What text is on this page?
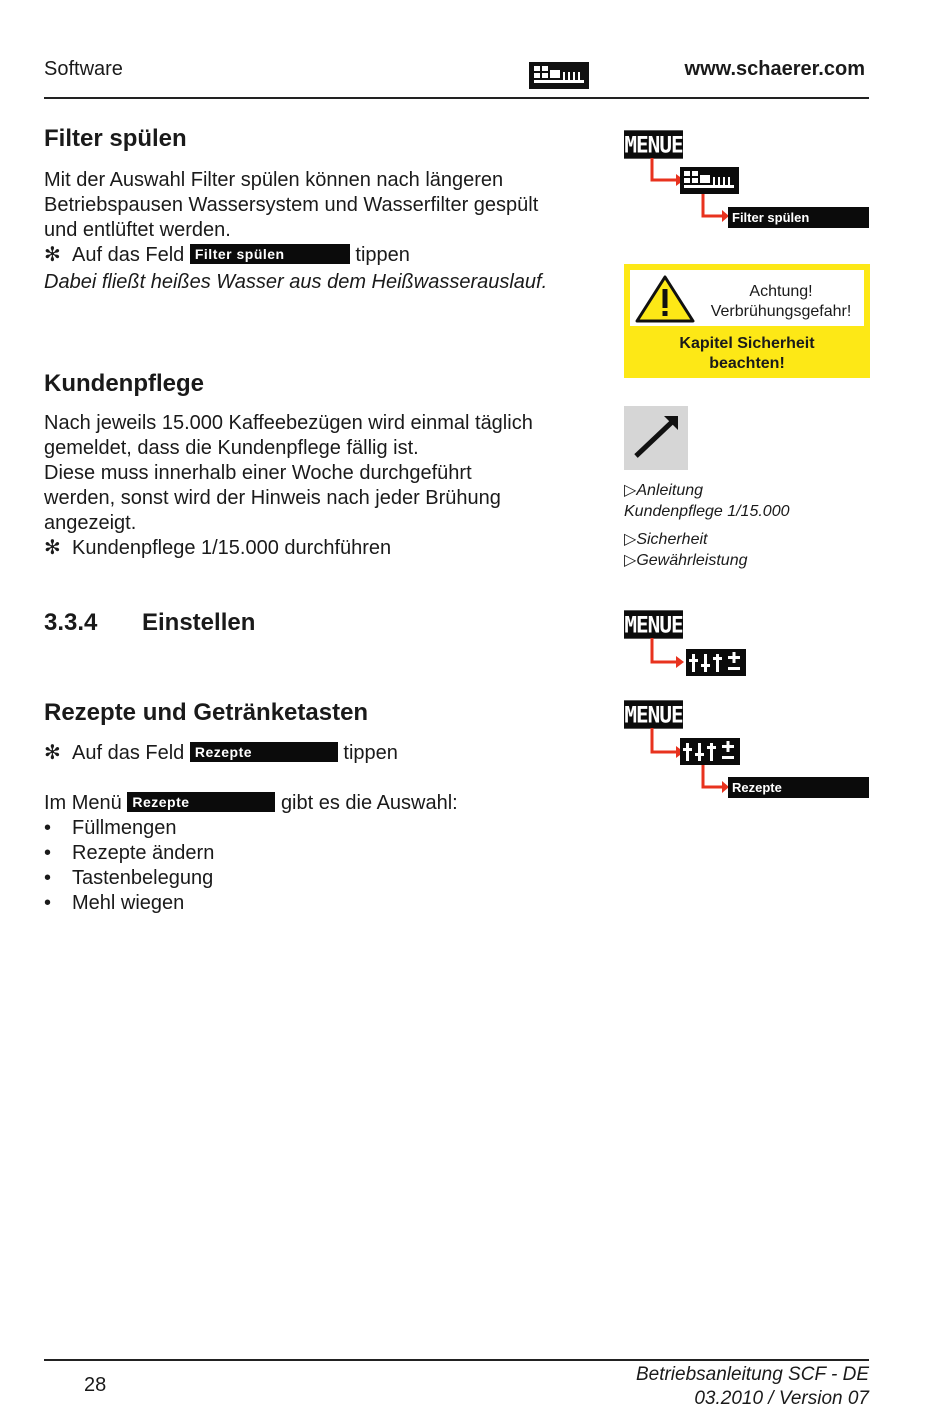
Software	www.schaerer.com
Filter spülen
Mit der Auswahl Filter spülen können nach längeren
Betriebspausen Wassersystem und Wasserfilter gespült
und entlüftet werden.
✻ Auf das Feld Filter spülen	tippen
Dabei fließt heißes Wasser aus dem Heißwasserauslauf.
Kundenpflege
Nach jeweils 15.000 Kaffeebezügen wird einmal täglich
gemeldet, dass die Kundenpflege fällig ist.
Diese muss innerhalb einer Woche durchgeführt
werden, sonst wird der Hinweis nach jeder Brühung
angezeigt.
✻ Kundenpflege 1/15.000 durchführen
3.3.4 Einstellen
Rezepte und Getränketasten
✻ Auf das Feld Rezepte	tippen
Im Menü Rezepte	gibt es die Auswahl:
• Füllmengen
• Rezepte ändern
• Tastenbelegung
• Mehl wiegen
MENUE
Filter spülen
Achtung!
Verbrühungsgefahr!
Kapitel Sicherheit
beachten!
▷Anleitung
Kundenpflege 1/15.000
▷Sicherheit
▷Gewährleistung
MENUE
MENUE
Rezepte
28	Betriebsanleitung SCF - DE
03.2010 / Version 07
